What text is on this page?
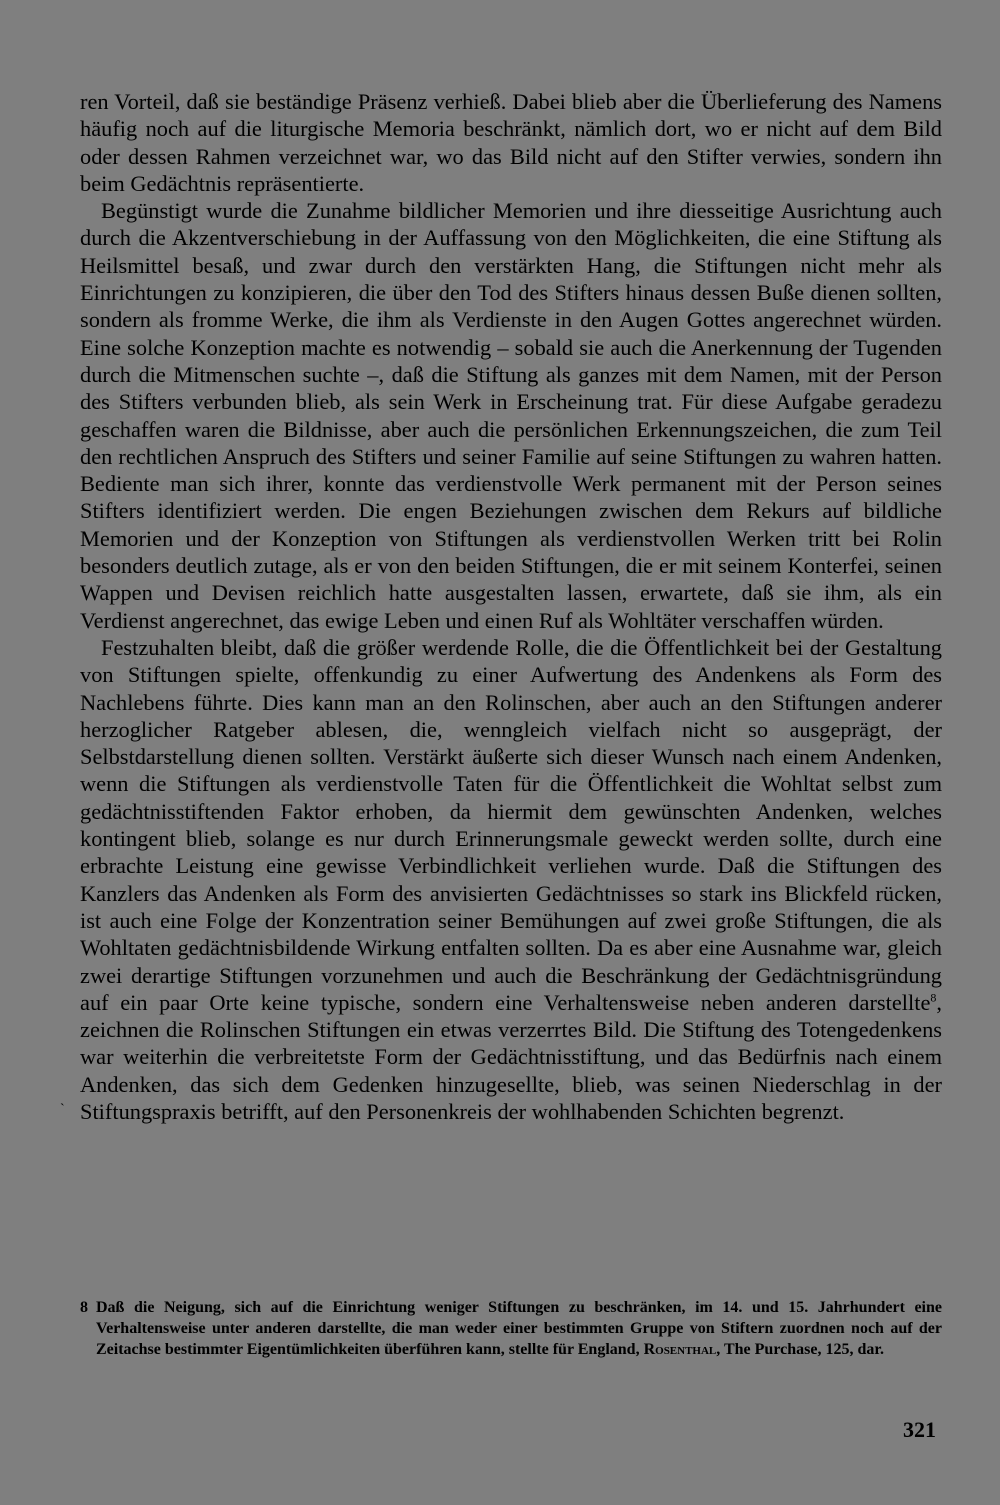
ren Vorteil, daß sie beständige Präsenz verhieß. Dabei blieb aber die Überlieferung des Namens häufig noch auf die liturgische Memoria beschränkt, nämlich dort, wo er nicht auf dem Bild oder dessen Rahmen verzeichnet war, wo das Bild nicht auf den Stifter verwies, sondern ihn beim Gedächtnis repräsentierte.

Begünstigt wurde die Zunahme bildlicher Memorien und ihre diesseitige Ausrichtung auch durch die Akzentverschiebung in der Auffassung von den Möglichkeiten, die eine Stiftung als Heilsmittel besaß, und zwar durch den verstärkten Hang, die Stiftungen nicht mehr als Einrichtungen zu konzipieren, die über den Tod des Stifters hinaus dessen Buße dienen sollten, sondern als fromme Werke, die ihm als Verdienste in den Augen Gottes angerechnet würden. Eine solche Konzeption machte es notwendig – sobald sie auch die Anerkennung der Tugenden durch die Mitmenschen suchte –, daß die Stiftung als ganzes mit dem Namen, mit der Person des Stifters verbunden blieb, als sein Werk in Erscheinung trat. Für diese Aufgabe geradezu geschaffen waren die Bildnisse, aber auch die persönlichen Erkennungszeichen, die zum Teil den rechtlichen Anspruch des Stifters und seiner Familie auf seine Stiftungen zu wahren hatten. Bediente man sich ihrer, konnte das verdienstvolle Werk permanent mit der Person seines Stifters identifiziert werden. Die engen Beziehungen zwischen dem Rekurs auf bildliche Memorien und der Konzeption von Stiftungen als verdienstvollen Werken tritt bei Rolin besonders deutlich zutage, als er von den beiden Stiftungen, die er mit seinem Konterfei, seinen Wappen und Devisen reichlich hatte ausgestalten lassen, erwartete, daß sie ihm, als ein Verdienst angerechnet, das ewige Leben und einen Ruf als Wohltäter verschaffen würden.

Festzuhalten bleibt, daß die größer werdende Rolle, die die Öffentlichkeit bei der Gestaltung von Stiftungen spielte, offenkundig zu einer Aufwertung des Andenkens als Form des Nachlebens führte. Dies kann man an den Rolinschen, aber auch an den Stiftungen anderer herzoglicher Ratgeber ablesen, die, wenngleich vielfach nicht so ausgeprägt, der Selbstdarstellung dienen sollten. Verstärkt äußerte sich dieser Wunsch nach einem Andenken, wenn die Stiftungen als verdienstvolle Taten für die Öffentlichkeit die Wohltat selbst zum gedächtnisstiftenden Faktor erhoben, da hiermit dem gewünschten Andenken, welches kontingent blieb, solange es nur durch Erinnerungsmale geweckt werden sollte, durch eine erbrachte Leistung eine gewisse Verbindlichkeit verliehen wurde. Daß die Stiftungen des Kanzlers das Andenken als Form des anvisierten Gedächtnisses so stark ins Blickfeld rücken, ist auch eine Folge der Konzentration seiner Bemühungen auf zwei große Stiftungen, die als Wohltaten gedächtnisbildende Wirkung entfalten sollten. Da es aber eine Ausnahme war, gleich zwei derartige Stiftungen vorzunehmen und auch die Beschränkung der Gedächtnisgründung auf ein paar Orte keine typische, sondern eine Verhaltensweise neben anderen darstellte$^8$, zeichnen die Rolinschen Stiftungen ein etwas verzerrtes Bild. Die Stiftung des Totengedenkens war weiterhin die verbreitetste Form der Gedächtnisstiftung, und das Bedürfnis nach einem Andenken, das sich dem Gedenken hinzugesellte, blieb, was seinen Niederschlag in der Stiftungspraxis betrifft, auf den Personenkreis der wohlhabenden Schichten begrenzt.

`
8 Daß die Neigung, sich auf die Einrichtung weniger Stiftungen zu beschränken, im 14. und 15. Jahrhundert eine Verhaltensweise unter anderen darstellte, die man weder einer bestimmten Gruppe von Stiftern zuordnen noch auf der Zeitachse bestimmter Eigentümlichkeiten überführen kann, stellte für England, Rosenthal, The Purchase, 125, dar.
321
